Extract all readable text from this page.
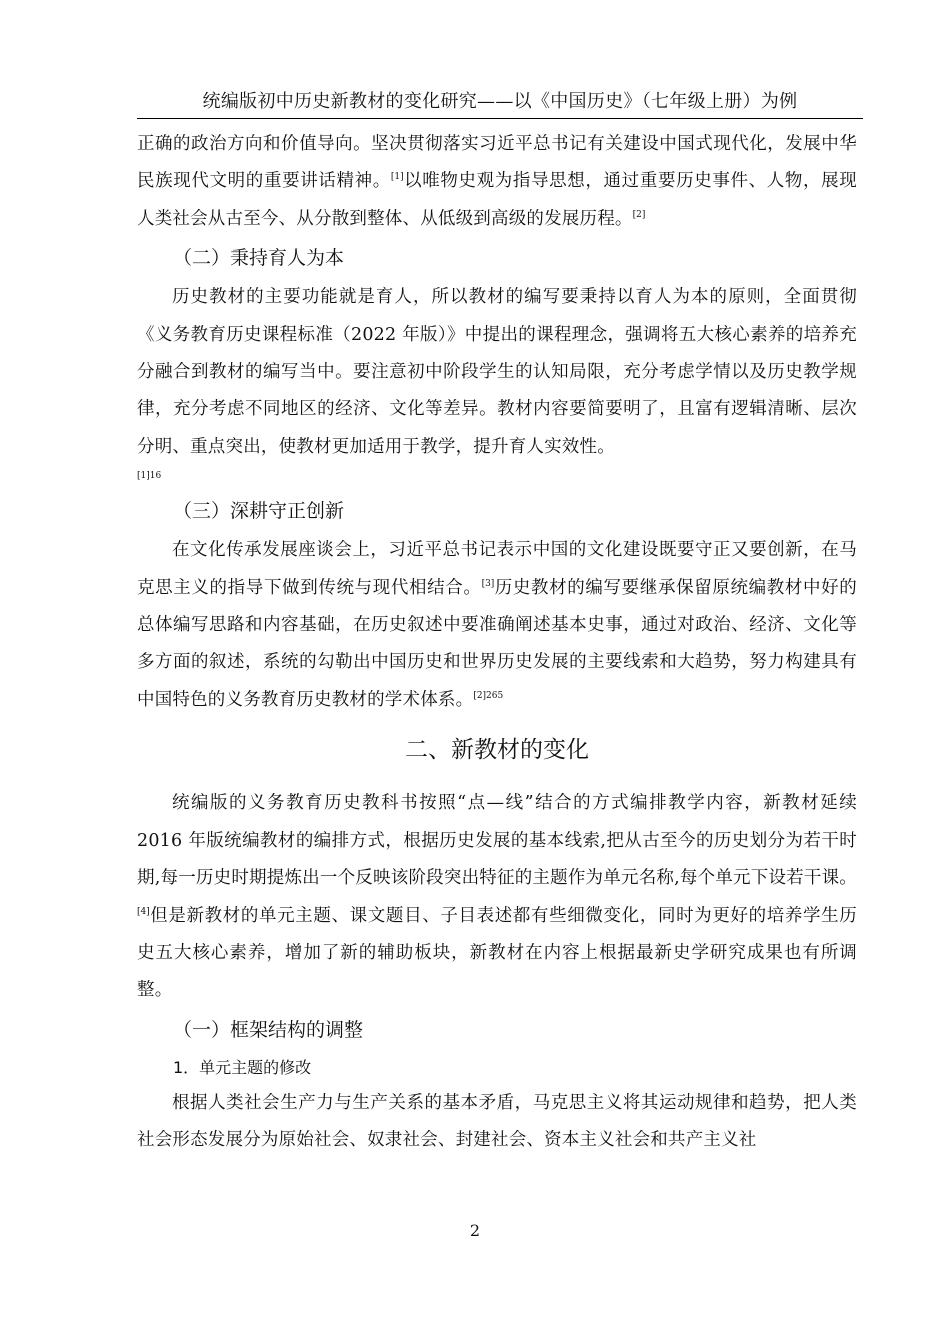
统编版初中历史新教材的变化研究——以《中国历史》（七年级上册）为例

正确的政治方向和价值导向。坚决贯彻落实习近平总书记有关建设中国式现代化，发展中华民族现代文明的重要讲话精神。[1]以唯物史观为指导思想，通过重要历史事件、人物，展现人类社会从古至今、从分散到整体、从低级到高级的发展历程。[2]

（二）秉持育人为本

历史教材的主要功能就是育人，所以教材的编写要秉持以育人为本的原则，全面贯彻《义务教育历史课程标准（2022 年版）》中提出的课程理念，强调将五大核心素养的培养充分融合到教材的编写当中。要注意初中阶段学生的认知局限，充分考虑学情以及历史教学规律，充分考虑不同地区的经济、文化等差异。教材内容要简要明了，且富有逻辑清晰、层次分明、重点突出，使教材更加适用于教学，提升育人实效性。

[1]16
（三）深耕守正创新

在文化传承发展座谈会上，习近平总书记表示中国的文化建设既要守正又要创新，在马克思主义的指导下做到传统与现代相结合。[3]历史教材的编写要继承保留原统编教材中好的总体编写思路和内容基础，在历史叙述中要准确阐述基本史事，通过对政治、经济、文化等多方面的叙述，系统的勾勒出中国历史和世界历史发展的主要线索和大趋势，努力构建具有中国特色的义务教育历史教材的学术体系。$^{[2]265}$

二、新教材的变化

统编版的义务教育历史教科书按照“点—线”结合的方式编排教学内容，新教材延续 2016 年版统编教材的编排方式，根据历史发展的基本线索,把从古至今的历史划分为若干时期,每一历史时期提炼出一个反映该阶段突出特征的主题作为单元名称,每个单元下设若干课。[4]但是新教材的单元主题、课文题目、子目表述都有些细微变化，同时为更好的培养学生历史五大核心素养，增加了新的辅助板块，新教材在内容上根据最新史学研究成果也有所调整。

（一）框架结构的调整
1．单元主题的修改

根据人类社会生产力与生产关系的基本矛盾，马克思主义将其运动规律和趋势，把人类社会形态发展分为原始社会、奴隶社会、封建社会、资本主义社会和共产主义社

2
